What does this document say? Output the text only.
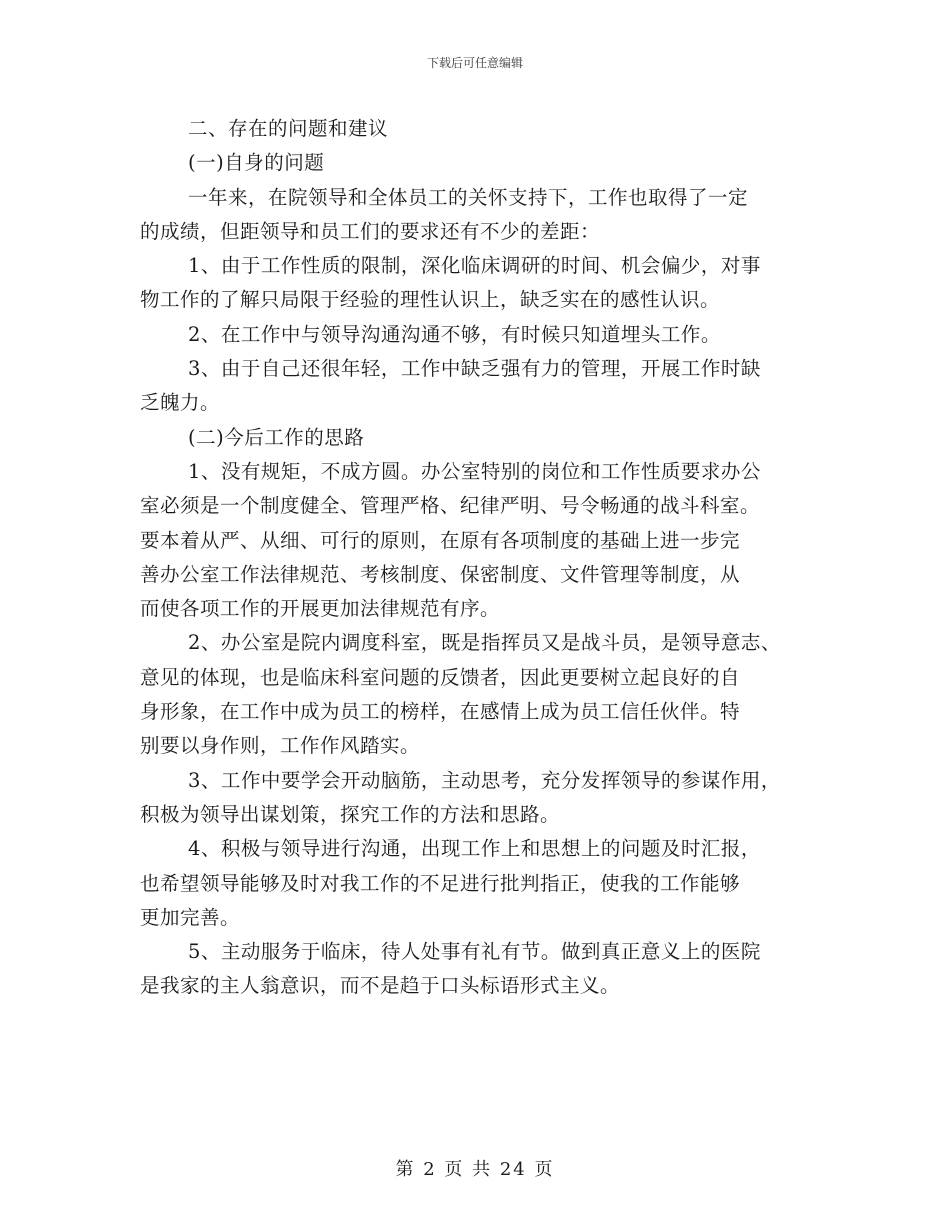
下载后可任意编辑
二、存在的问题和建议
(一)自身的问题
一年来，在院领导和全体员工的关怀支持下，工作也取得了一定
的成绩，但距领导和员工们的要求还有不少的差距：
1、由于工作性质的限制，深化临床调研的时间、机会偏少，对事
物工作的了解只局限于经验的理性认识上，缺乏实在的感性认识。
2、在工作中与领导沟通沟通不够，有时候只知道埋头工作。
3、由于自己还很年轻，工作中缺乏强有力的管理，开展工作时缺
乏魄力。
(二)今后工作的思路
1、没有规矩，不成方圆。办公室特别的岗位和工作性质要求办公
室必须是一个制度健全、管理严格、纪律严明、号令畅通的战斗科室。
要本着从严、从细、可行的原则，在原有各项制度的基础上进一步完
善办公室工作法律规范、考核制度、保密制度、文件管理等制度，从
而使各项工作的开展更加法律规范有序。
2、办公室是院内调度科室，既是指挥员又是战斗员，是领导意志、
意见的体现，也是临床科室问题的反馈者，因此更要树立起良好的自
身形象，在工作中成为员工的榜样，在感情上成为员工信任伙伴。特
别要以身作则，工作作风踏实。
3、工作中要学会开动脑筋，主动思考，充分发挥领导的参谋作用，
积极为领导出谋划策，探究工作的方法和思路。
4、积极与领导进行沟通，出现工作上和思想上的问题及时汇报，
也希望领导能够及时对我工作的不足进行批判指正，使我的工作能够
更加完善。
5、主动服务于临床，待人处事有礼有节。做到真正意义上的医院
是我家的主人翁意识，而不是趋于口头标语形式主义。
第 2 页 共 24 页
